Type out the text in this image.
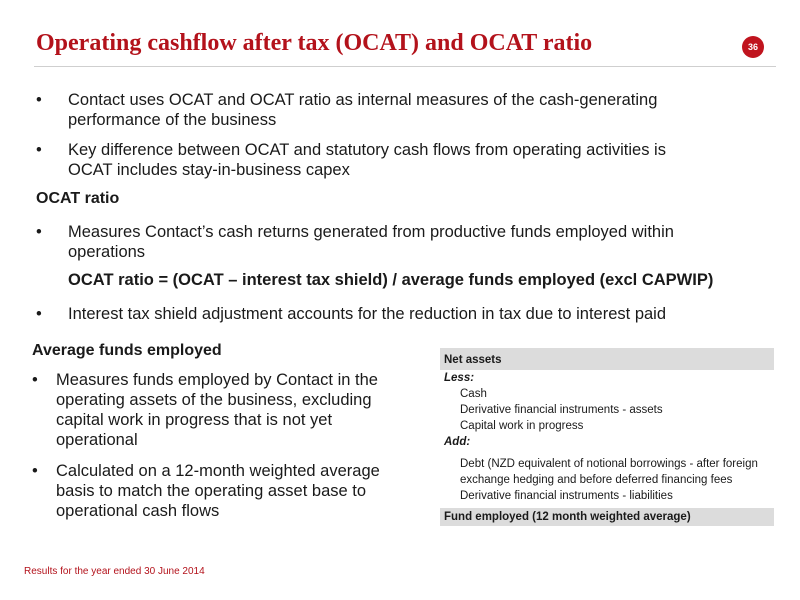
Operating cashflow after tax (OCAT) and OCAT ratio	36
• Contact uses OCAT and OCAT ratio as internal measures of the cash-generating
performance of the business
• Key difference between OCAT and statutory cash flows from operating activities is
OCAT includes stay-in-business capex
OCAT ratio
• Measures Contact’s cash returns generated from productive funds employed within
operations
OCAT ratio = (OCAT – interest tax shield) / average funds employed (excl CAPWIP)
• Interest tax shield adjustment accounts for the reduction in tax due to interest paid
Average funds employed
• Measures funds employed by Contact in the
operating assets of the business, excluding
capital work in progress that is not yet
operational
• Calculated on a 12-month weighted average
basis to match the operating asset base to
operational cash flows
Net assets
Less:
Cash
Derivative financial instruments - assets
Capital work in progress
Add:
Debt (NZD equivalent of notional borrowings - after foreign
exchange hedging and before deferred financing fees
Derivative financial instruments - liabilities
Fund employed (12 month weighted average)
Results for the year ended 30 June 2014
